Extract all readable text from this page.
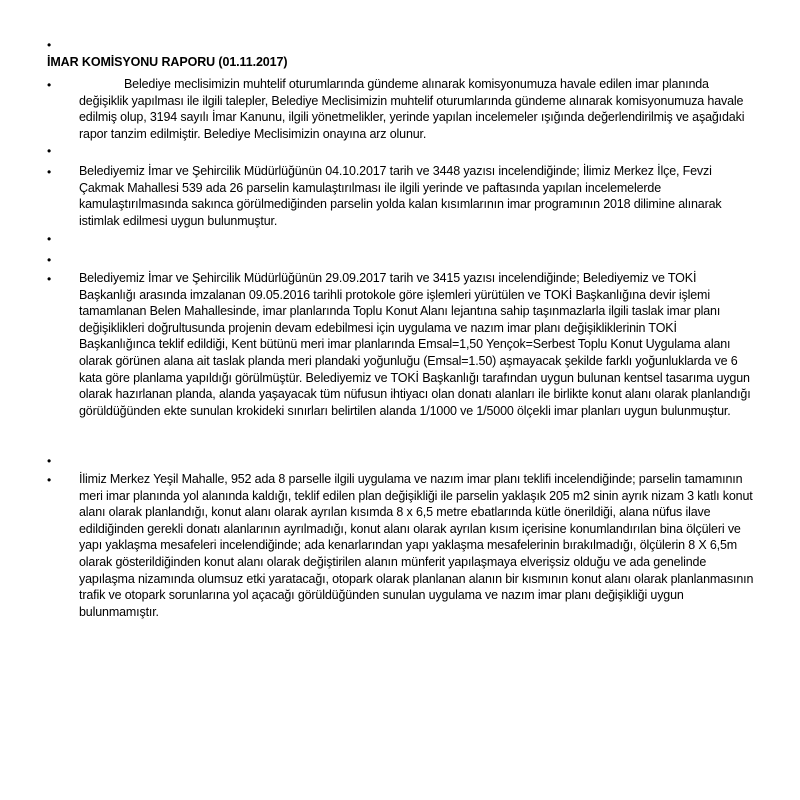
•
İMAR KOMİSYONU RAPORU (01.11.2017)
•	Belediye meclisimizin muhtelif oturumlarında gündeme alınarak komisyonumuza havale edilen imar planında değişiklik yapılması ile ilgili talepler, Belediye Meclisimizin muhtelif oturumlarında gündeme alınarak komisyonumuza havale edilmiş olup, 3194 sayılı İmar Kanunu, ilgili yönetmelikler, yerinde yapılan incelemeler ışığında değerlendirilmiş ve aşağıdaki rapor tanzim edilmiştir. Belediye Meclisimizin onayına arz olunur.

•
• Belediyemiz İmar ve Şehircilik Müdürlüğünün 04.10.2017 tarih ve 3448 yazısı incelendiğinde; İlimiz Merkez İlçe, Fevzi Çakmak Mahallesi 539 ada 26 parselin kamulaştırılması ile ilgili yerinde ve paftasında yapılan incelemelerde kamulaştırılmasında sakınca görülmediğinden parselin yolda kalan kısımlarının imar programının 2018 dilimine alınarak istimlak edilmesi uygun bulunmuştur.

•
•
• Belediyemiz İmar ve Şehircilik Müdürlüğünün 29.09.2017 tarih ve 3415 yazısı incelendiğinde; Belediyemiz ve TOKİ Başkanlığı arasında imzalanan 09.05.2016 tarihli protokole göre işlemleri yürütülen ve TOKİ Başkanlığına devir işlemi tamamlanan Belen Mahallesinde, imar planlarında Toplu Konut Alanı lejantına sahip taşınmazlarla ilgili taslak imar planı değişiklikleri doğrultusunda projenin devam edebilmesi için uygulama ve nazım imar planı değişikliklerinin TOKİ Başkanlığınca teklif edildiği, Kent bütünü meri imar planlarında Emsal=1,50 Yençok=Serbest Toplu Konut Uygulama alanı olarak görünen alana ait taslak planda meri plandaki yoğunluğu (Emsal=1.50) aşmayacak şekilde farklı yoğunluklarda ve 6 kata göre planlama yapıldığı görülmüştür. Belediyemiz ve TOKİ Başkanlığı tarafından uygun bulunan kentsel tasarıma uygun olarak hazırlanan planda, alanda yaşayacak tüm nüfusun ihtiyacı olan donatı alanları ile birlikte konut alanı olarak planlandığı görüldüğünden ekte sunulan krokideki sınırları belirtilen alanda 1/1000 ve 1/5000 ölçekli imar planları uygun bulunmuştur.

•
• İlimiz Merkez Yeşil Mahalle, 952 ada 8 parselle ilgili uygulama ve nazım imar planı teklifi incelendiğinde; parselin tamamının meri imar planında yol alanında kaldığı, teklif edilen plan değişikliği ile parselin yaklaşık 205 m2 sinin ayrık nizam 3 katlı konut alanı olarak planlandığı, konut alanı olarak ayrılan kısımda 8 x 6,5 metre ebatlarında kütle önerildiği, alana nüfus ilave edildiğinden gerekli donatı alanlarının ayrılmadığı, konut alanı olarak ayrılan kısım içerisine konumlandırılan bina ölçüleri ve yapı yaklaşma mesafeleri incelendiğinde; ada kenarlarından yapı yaklaşma mesafelerinin bırakılmadığı, ölçülerin 8 X 6,5m olarak gösterildiğinden konut alanı olarak değiştirilen alanın münferit yapılaşmaya elverişsiz olduğu ve ada genelinde yapılaşma nizamında olumsuz etki yaratacağı, otopark olarak planlanan alanın bir kısmının konut alanı olarak planlanmasının trafik ve otopark sorunlarına yol açacağı görüldüğünden sunulan uygulama ve nazım imar planı değişikliği uygun bulunmamıştır.
